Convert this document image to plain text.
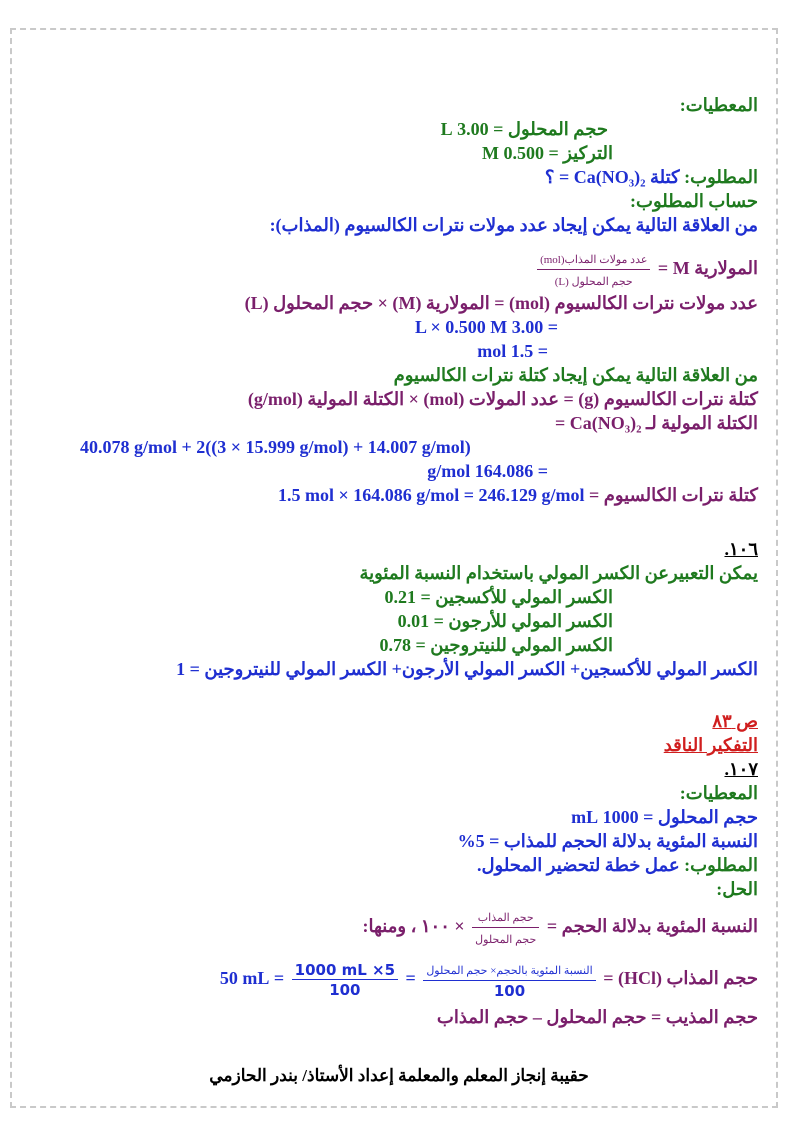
المعطيات:
حجم المحلول = 3.00 L
التركيز = 0.500 M
المطلوب: كتلة Ca(NO₃)₂ = ؟
حساب المطلوب:
من العلاقة التالية يمكن إيجاد عدد مولات نترات الكالسيوم (المذاب):
المولارية M =
$\frac{\text{عدد مولات المذاب(mol)}}{\text{حجم المحلول (L)}}$
عدد مولات نترات الكالسيوم (mol) = المولارية (M) × حجم المحلول (L)
= 3.00 L × 0.500 M
= 1.5 mol
من العلاقة التالية يمكن إيجاد كتلة نترات الكالسيوم
كتلة نترات الكالسيوم (g) = عدد المولات (mol) × الكتلة المولية (g/mol)
الكتلة المولية لـ Ca(NO₃)₂ =
40.078 g/mol + 2((3 × 15.999 g/mol) + 14.007 g/mol)
= 164.086 g/mol
كتلة نترات الكالسيوم = 1.5 mol × 164.086 g/mol = 246.129 g/mol
١٠٦.
يمكن التعبيرعن الكسر المولي باستخدام النسبة المئوية
الكسر المولي للأكسجين = 0.21
الكسر المولي للأرجون = 0.01
الكسر المولي للنيتروجين = 0.78
الكسر المولي للأكسجين+ الكسر المولي الأرجون+ الكسر المولي للنيتروجين = 1
ص ٨٣
التفكير الناقد
١٠٧.
المعطيات:
حجم المحلول = 1000 mL
النسبة المئوية بدلالة الحجم للمذاب = 5%
المطلوب: عمل خطة لتحضير المحلول.
الحل:
النسبة المئوية بدلالة الحجم =
$\frac{\text{حجم المذاب}}{\text{حجم المحلول}}$
× ١٠٠ ، ومنها:
حجم المذاب (HCl) =
$\frac{\text{النسبة المئوية بالحجم× حجم المحلول}}{100}$
=
$\frac{1000 mL \times 5}{100}$
= 50 mL
حجم المذيب = حجم المحلول – حجم المذاب
حقيبة إنجاز المعلم والمعلمة إعداد الأستاذ/ بندر الحازمي
